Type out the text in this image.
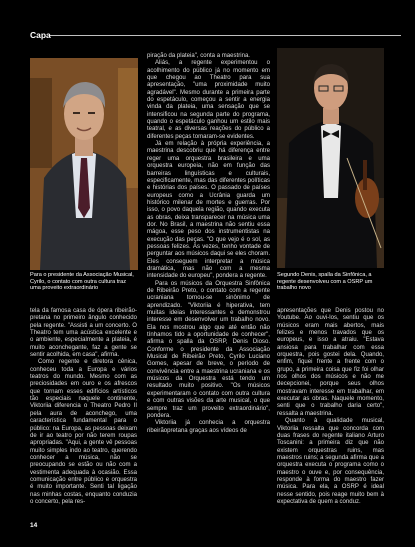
Capa
Para o presidente da Associação Musical, Cyrilo, o contato com outra cultura traz uma proveito extraordinário
Segundo Denis, spalla da Sinfônica, a regente desenvolveu com a OSRP um trabalho novo

tela da famosa casa de ópera ribeirão-pretana no primeiro ângulo conhecido pela regente. "Assisti a um concerto. O Theatro tem uma acústica excelente e o ambiente, especialmente a plateia, é muito aconchegante, faz a gente se sentir acolhida, em casa", afirma.

Como regente e diretora cênica, conheceu toda a Europa e vários teatros do mundo. Mesmo com as preciosidades em ouro e os afrescos que tornam esses edifícios artísticos tão especiais naquele continente, Viktoriia diferencia o Theatro Pedro II pela aura de aconchego, uma característica fundamental para o público: na Europa, as pessoas deixam de ir ao teatro por não terem roupas apropriadas. "Aqui, a gente vê pessoas muito simples indo ao teatro, querendo conhecer a música, não se preocupando se estão ou não com a vestimenta adequada à ocasião. Essa comunicação entre público e orquestra é muito importante. Senti tal ligação nas minhas costas, enquanto conduzia o concerto, pela res-

piração da plateia", conta a maestrina.

Aliás, a regente experimentou o acolhimento do público já no momento em que chegou ao Theatro para sua apresentação, "uma proximidade muito agradável". Mesmo durante a primeira parte do espetáculo, começou a sentir a energia vinda da plateia, uma sensação que se intensificou na segunda parte do programa, quando o espetáculo ganhou um estilo mais teatral, e as diversas reações do público a diferentes peças tomaram-se evidentes.

Já em relação à própria experiência, a maestrina descobriu que há diferença entre reger uma orquestra brasileira e uma orquestra europeia, não em função das barreiras linguísticas e culturais, especificamente, mas das diferentes políticas e histórias dos países. O passado de países europeus como a Ucrânia guarda um histórico milenar de mortes e guerras. Por isso, o povo daquela região, quando executa as obras, deixa transparecer na música uma dor. No Brasil, a maestrina não sentiu essa mágoa, esse peso dos instrumentistas na execução das peças. "O que vejo é o sol, as pessoas felizes. Às vezes, tenho vontade de perguntar aos músicos daqui se eles choram. Eles conseguem interpretar a música dramática, mas não com a mesma intensidade do europeu", pondera a regente.

Para os músicos da Orquestra Sinfônica de Ribeirão Preto, o contato com a regente ucraniana tornou-se sinônimo de aprendizado. "Viktoriia é hiperativa, tem muitas ideias interessantes e demonstrou interesse em desenvolver um trabalho novo. Ela nos mostrou algo que até então não tínhamos tido a oportunidade de conhecer", afirma o spalla da OSRP, Denis Dioso. Conforme o presidente da Associação Musical de Ribeirão Preto, Cyrilo Luciano Gomes, apesar de breve, o período de convivência entre a maestrina ucraniana e os músicos da Orquestra está tendo um resultado muito positivo. "Os músicos experimentaram o contato com outra cultura e com outras visões da arte musical, o que sempre traz um proveito extraordinário", pondera.

Viktoriia já conhecia a orquestra ribeirãopretana graças aos vídeos de

apresentações que Denis postou no Youtube. Ao ouvi-los, sentiu que os músicos eram mais abertos, mais felizes e menos travados que os europeus, e isso a atraiu. "Estava ansiosa para trabalhar com essa orquestra, pois gostei dela. Quando, enfim, fiquei frente a frente com o grupo, a primeira coisa que fiz foi olhar nos olhos dos músicos e não me decepcionei, porque seus olhos mostravam interesse em trabalhar, em executar as obras. Naquele momento, senti que o trabalho daria certo", ressalta a maestrina.

Quanto à qualidade musical, Viktoriia ressalta que concorda com duas frases do regente italiano Arturo Toscanini: a primeira diz que não existem orquestras ruins, mas maestros ruins; a segunda afirma que a orquestra executa o programa como o maestro o ouve e, por consequência, responde à forma do maestro fazer música. Para ela, a OSRP é ideal nesse sentido, pois reage muito bem à expectativa de quem a conduz.

14
